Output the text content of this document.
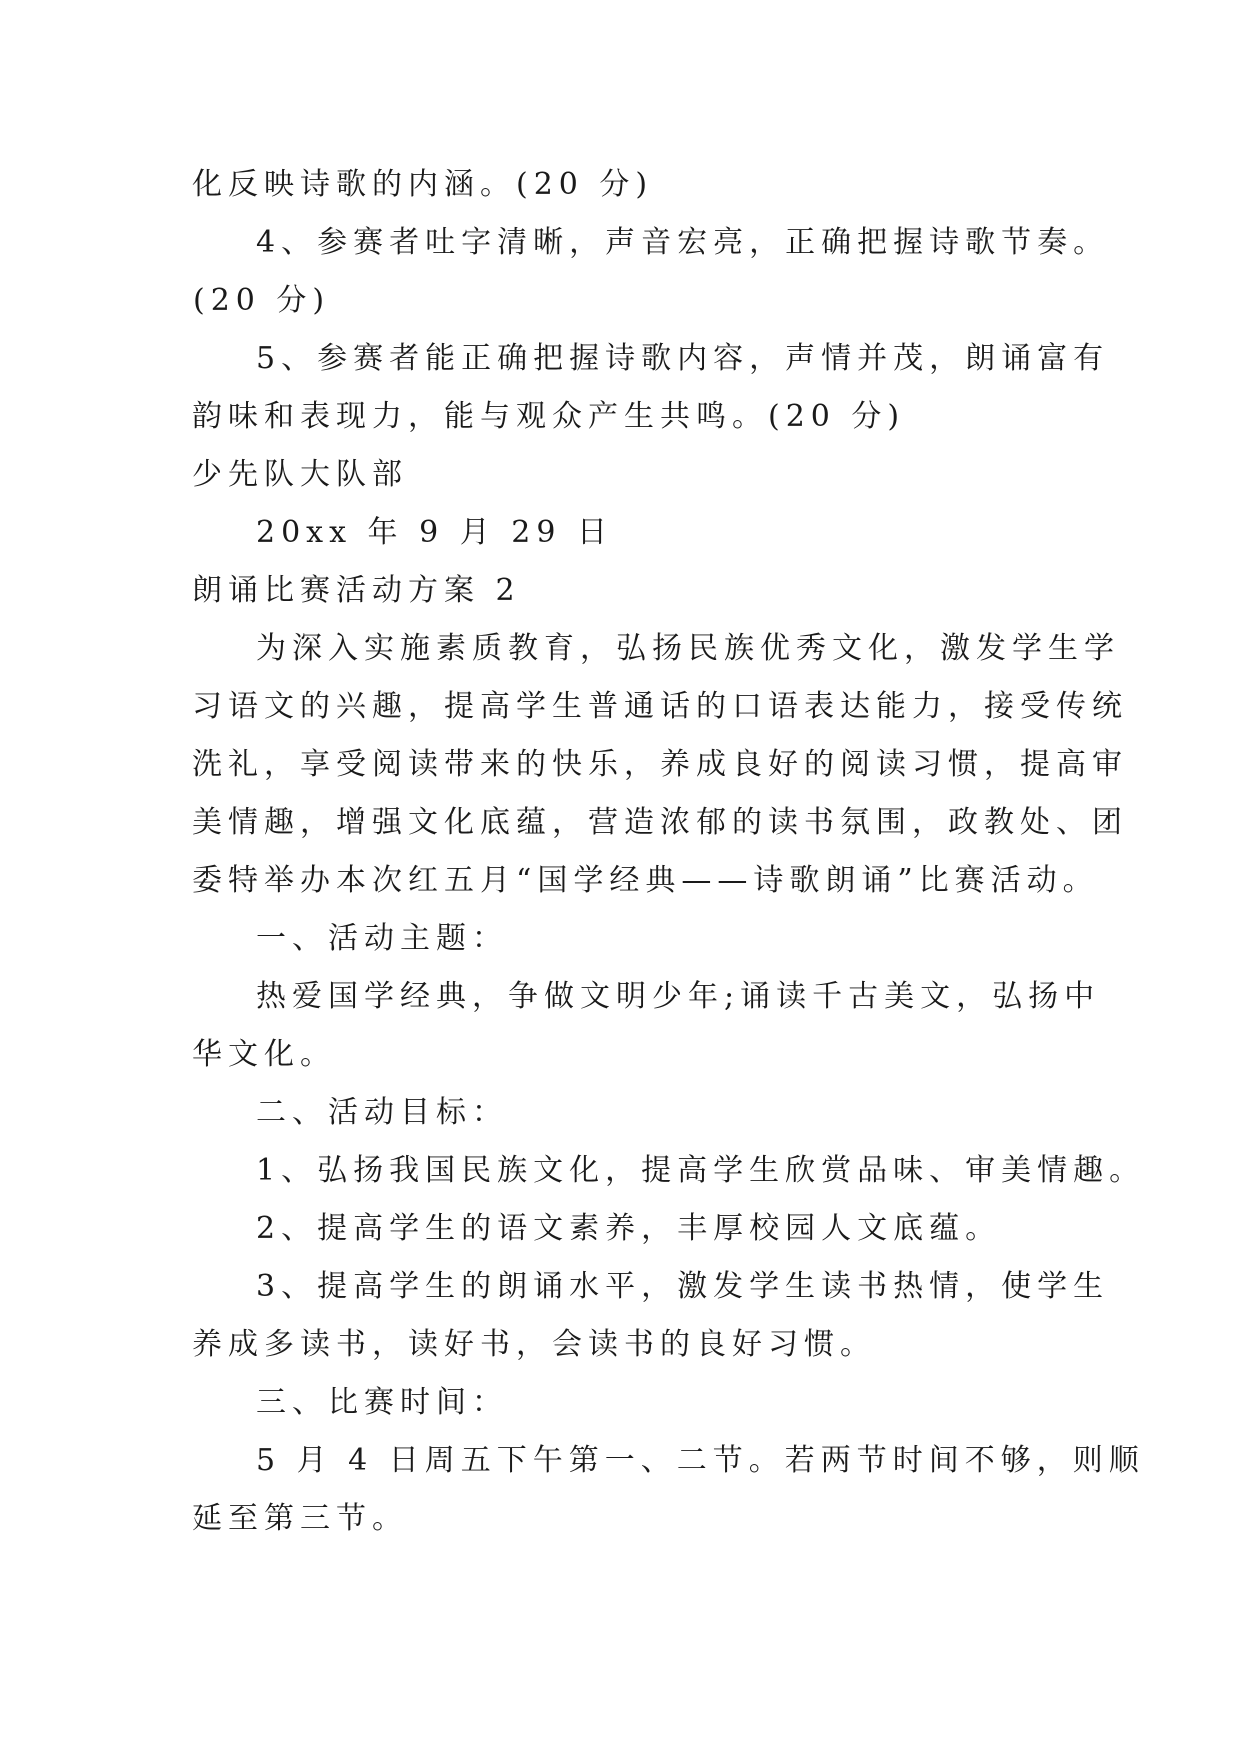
化反映诗歌的内涵。(20 分)

4、参赛者吐字清晰，声音宏亮，正确把握诗歌节奏。

(20 分)

5、参赛者能正确把握诗歌内容，声情并茂，朗诵富有

韵味和表现力，能与观众产生共鸣。(20 分)

少先队大队部

20xx 年 9 月 29 日

朗诵比赛活动方案 2

为深入实施素质教育，弘扬民族优秀文化，激发学生学

习语文的兴趣，提高学生普通话的口语表达能力，接受传统

洗礼，享受阅读带来的快乐，养成良好的阅读习惯，提高审

美情趣，增强文化底蕴，营造浓郁的读书氛围，政教处、团

委特举办本次红五月“国学经典——诗歌朗诵”比赛活动。

一、活动主题：

热爱国学经典，争做文明少年;诵读千古美文，弘扬中

华文化。

二、活动目标：

1、弘扬我国民族文化，提高学生欣赏品味、审美情趣。

2、提高学生的语文素养，丰厚校园人文底蕴。

3、提高学生的朗诵水平，激发学生读书热情，使学生

养成多读书，读好书，会读书的良好习惯。

三、比赛时间：

5 月 4 日周五下午第一、二节。若两节时间不够，则顺

延至第三节。
